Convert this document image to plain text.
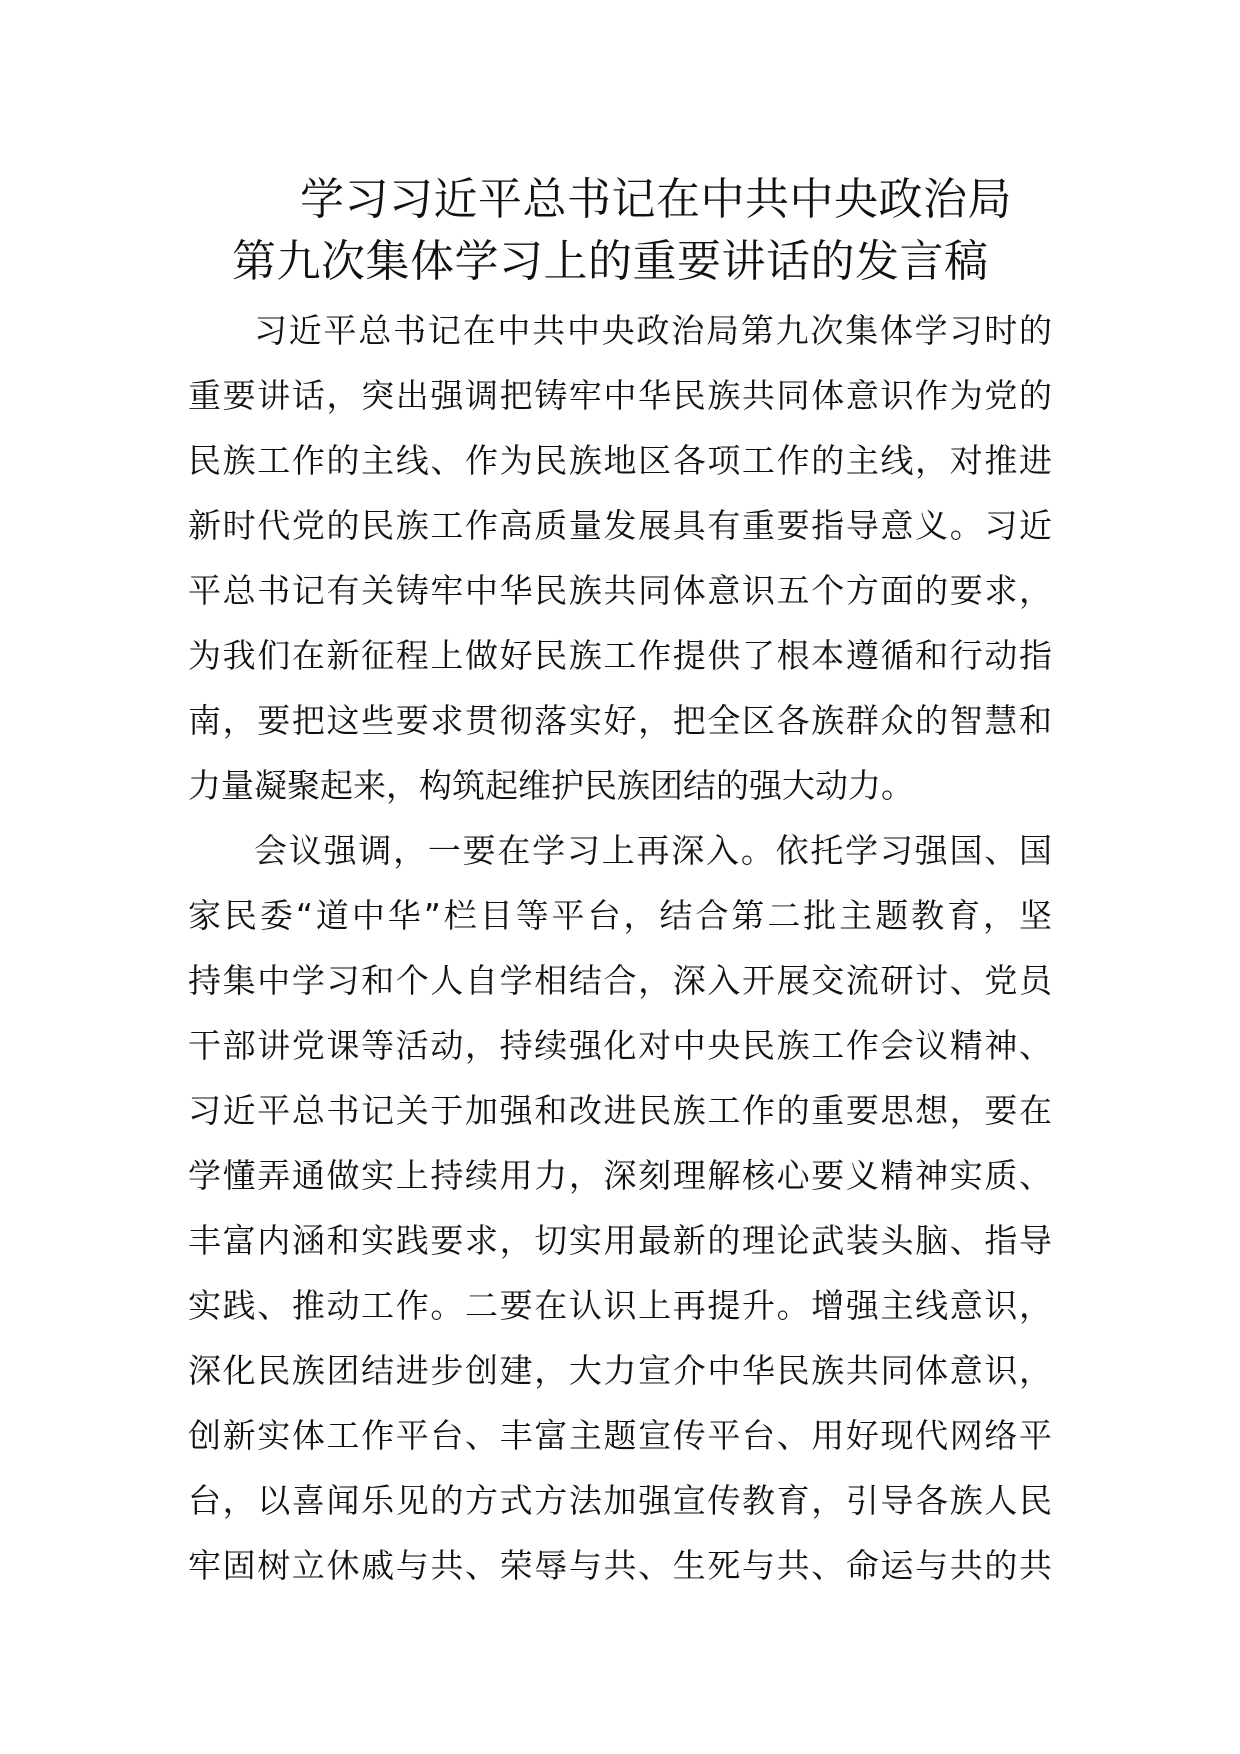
学习习近平总书记在中共中央政治局
第九次集体学习上的重要讲话的发言稿
习近平总书记在中共中央政治局第九次集体学习时的
重要讲话，突出强调把铸牢中华民族共同体意识作为党的
民族工作的主线、作为民族地区各项工作的主线，对推进
新时代党的民族工作高质量发展具有重要指导意义。习近
平总书记有关铸牢中华民族共同体意识五个方面的要求，
为我们在新征程上做好民族工作提供了根本遵循和行动指
南，要把这些要求贯彻落实好，把全区各族群众的智慧和
力量凝聚起来，构筑起维护民族团结的强大动力。
会议强调，一要在学习上再深入。依托学习强国、国
家民委“道中华”栏目等平台，结合第二批主题教育，坚
持集中学习和个人自学相结合，深入开展交流研讨、党员
干部讲党课等活动，持续强化对中央民族工作会议精神、
习近平总书记关于加强和改进民族工作的重要思想，要在
学懂弄通做实上持续用力，深刻理解核心要义精神实质、
丰富内涵和实践要求，切实用最新的理论武装头脑、指导
实践、推动工作。二要在认识上再提升。增强主线意识，
深化民族团结进步创建，大力宣介中华民族共同体意识，
创新实体工作平台、丰富主题宣传平台、用好现代网络平
台，以喜闻乐见的方式方法加强宣传教育，引导各族人民
牢固树立休戚与共、荣辱与共、生死与共、命运与共的共
